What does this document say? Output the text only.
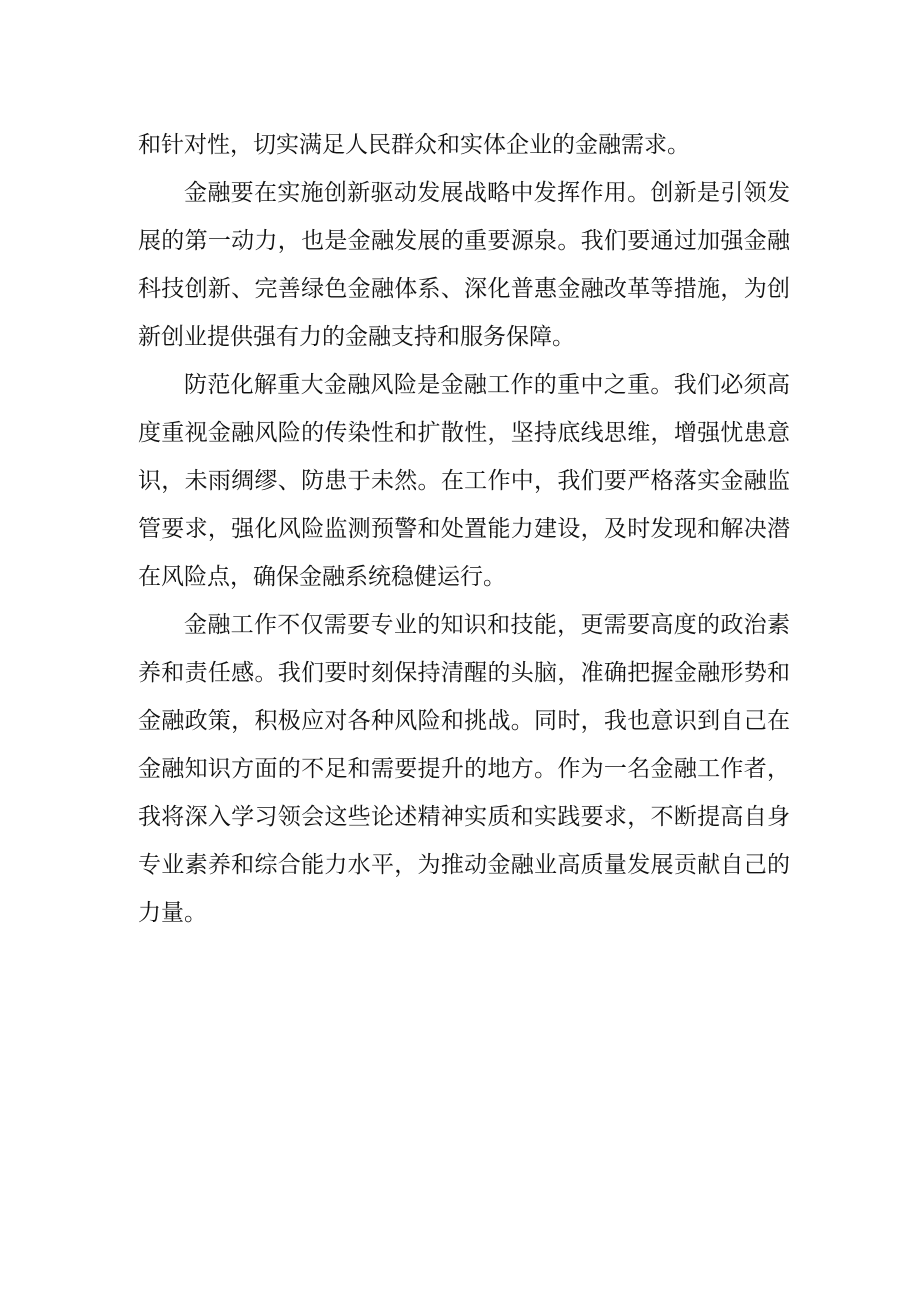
和针对性，切实满足人民群众和实体企业的金融需求。

金融要在实施创新驱动发展战略中发挥作用。创新是引领发展的第一动力，也是金融发展的重要源泉。我们要通过加强金融科技创新、完善绿色金融体系、深化普惠金融改革等措施，为创新创业提供强有力的金融支持和服务保障。

防范化解重大金融风险是金融工作的重中之重。我们必须高度重视金融风险的传染性和扩散性，坚持底线思维，增强忧患意识，未雨绸缪、防患于未然。在工作中，我们要严格落实金融监管要求，强化风险监测预警和处置能力建设，及时发现和解决潜在风险点，确保金融系统稳健运行。

金融工作不仅需要专业的知识和技能，更需要高度的政治素养和责任感。我们要时刻保持清醒的头脑，准确把握金融形势和金融政策，积极应对各种风险和挑战。同时，我也意识到自己在金融知识方面的不足和需要提升的地方。作为一名金融工作者，我将深入学习领会这些论述精神实质和实践要求，不断提高自身专业素养和综合能力水平，为推动金融业高质量发展贡献自己的力量。
